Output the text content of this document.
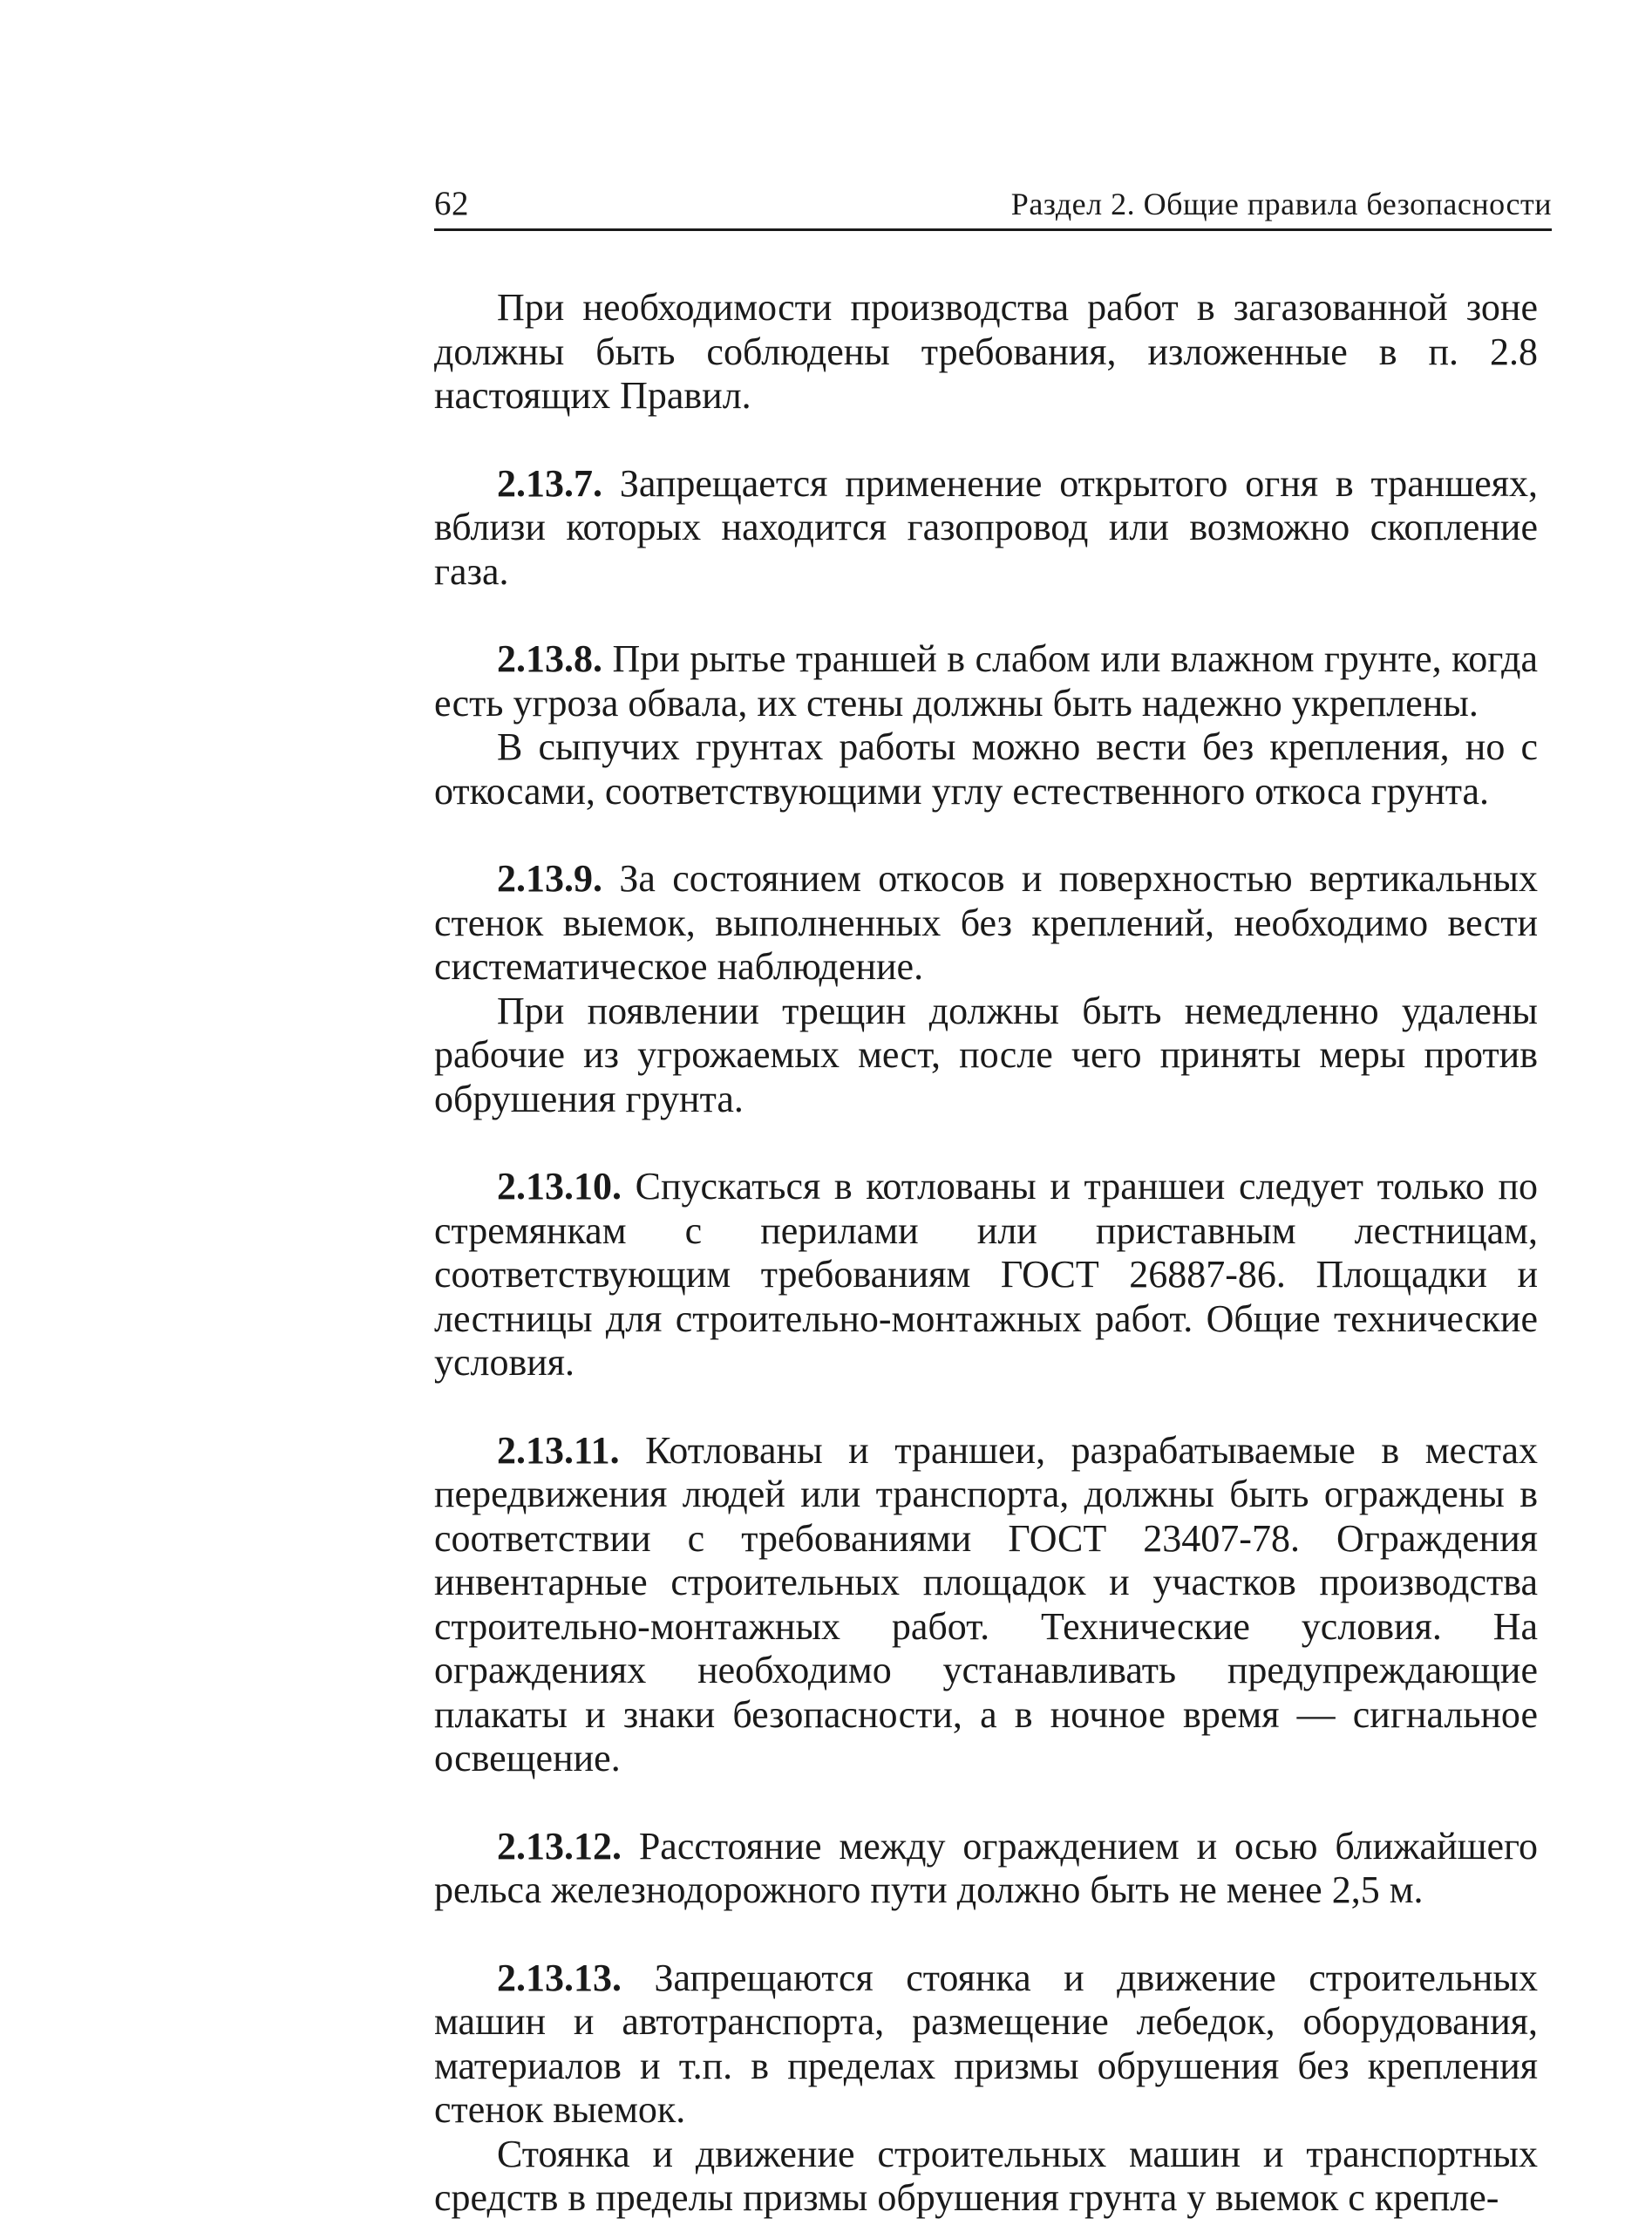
62	Раздел 2. Общие правила безопасности

При необходимости производства работ в загазованной зоне должны быть соблюдены требования, изложенные в п. 2.8 настоящих Правил.

2.13.7. Запрещается применение открытого огня в траншеях, вблизи которых находится газопровод или возможно скопление газа.

2.13.8. При рытье траншей в слабом или влажном грунте, когда есть угроза обвала, их стены должны быть надежно укреплены.

В сыпучих грунтах работы можно вести без крепления, но с откосами, соответствующими углу естественного откоса грунта.

2.13.9. За состоянием откосов и поверхностью вертикальных стенок выемок, выполненных без креплений, необходимо вести систематическое наблюдение.

При появлении трещин должны быть немедленно удалены рабочие из угрожаемых мест, после чего приняты меры против обрушения грунта.

2.13.10. Спускаться в котлованы и траншеи следует только по стремянкам с перилами или приставным лестницам, соответствующим требованиям ГОСТ 26887-86. Площадки и лестницы для строительно-монтажных работ. Общие технические условия.

2.13.11. Котлованы и траншеи, разрабатываемые в местах передвижения людей или транспорта, должны быть ограждены в соответствии с требованиями ГОСТ 23407-78. Ограждения инвентарные строительных площадок и участков производства строительно-монтажных работ. Технические условия. На ограждениях необходимо устанавливать предупреждающие плакаты и знаки безопасности, а в ночное время — сигнальное освещение.

2.13.12. Расстояние между ограждением и осью ближайшего рельса железнодорожного пути должно быть не менее 2,5 м.

2.13.13. Запрещаются стоянка и движение строительных машин и автотранспорта, размещение лебедок, оборудования, материалов и т.п. в пределах призмы обрушения без крепления стенок выемок.

Стоянка и движение строительных машин и транспортных средств в пределы призмы обрушения грунта у выемок с крепле-
